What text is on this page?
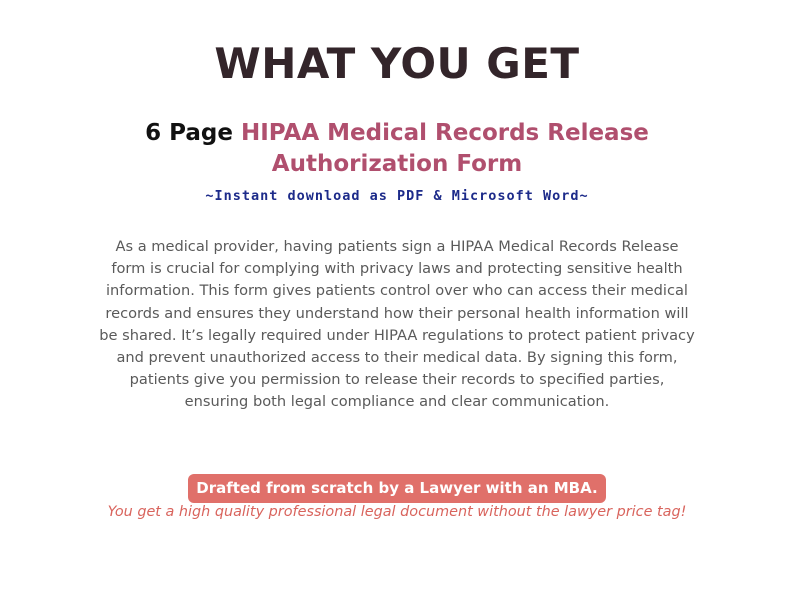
WHAT YOU GET
6 Page HIPAA Medical Records Release Authorization Form
~Instant download as PDF & Microsoft Word~
As a medical provider, having patients sign a HIPAA Medical Records Release form is crucial for complying with privacy laws and protecting sensitive health information. This form gives patients control over who can access their medical records and ensures they understand how their personal health information will be shared. It’s legally required under HIPAA regulations to protect patient privacy and prevent unauthorized access to their medical data. By signing this form, patients give you permission to release their records to specified parties, ensuring both legal compliance and clear communication.
Drafted from scratch by a Lawyer with an MBA.
You get a high quality professional legal document without the lawyer price tag!
